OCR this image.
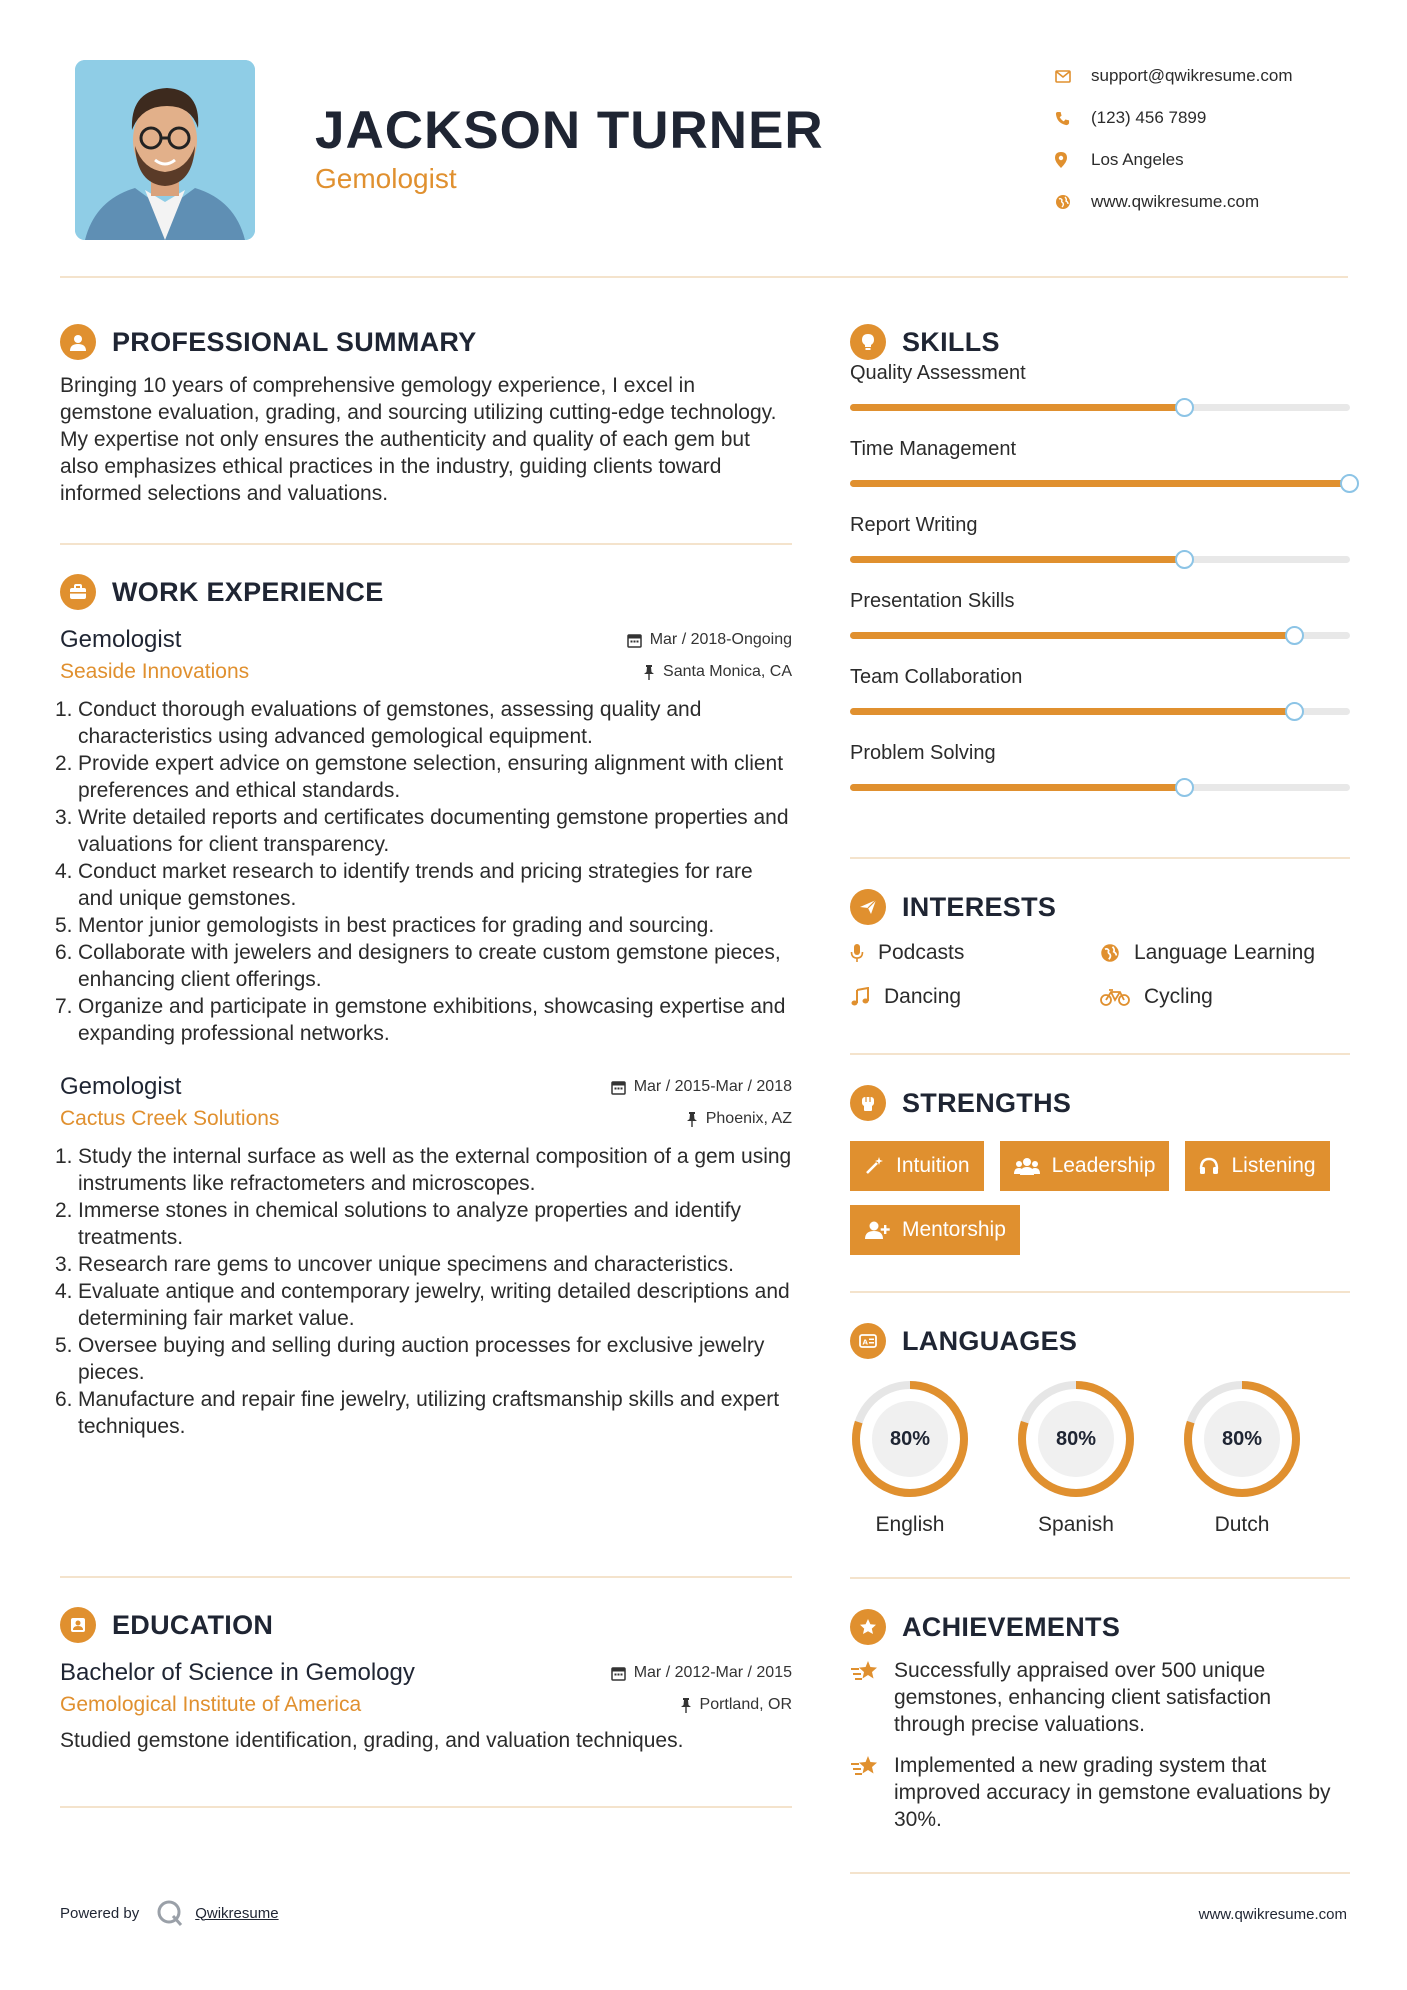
JACKSON TURNER
Gemologist
support@qwikresume.com
(123) 456 7899
Los Angeles
www.qwikresume.com
PROFESSIONAL SUMMARY

Bringing 10 years of comprehensive gemology experience, I excel in gemstone evaluation, grading, and sourcing utilizing cutting-edge technology. My expertise not only ensures the authenticity and quality of each gem but also emphasizes ethical practices in the industry, guiding clients toward informed selections and valuations.

WORK EXPERIENCE
Gemologist	Mar / 2018-Ongoing
Seaside Innovations	Santa Monica, CA
1. Conduct thorough evaluations of gemstones, assessing quality and characteristics using advanced gemological equipment.
2. Provide expert advice on gemstone selection, ensuring alignment with client preferences and ethical standards.
3. Write detailed reports and certificates documenting gemstone properties and valuations for client transparency.
4. Conduct market research to identify trends and pricing strategies for rare and unique gemstones.
5. Mentor junior gemologists in best practices for grading and sourcing.
6. Collaborate with jewelers and designers to create custom gemstone pieces, enhancing client offerings.
7. Organize and participate in gemstone exhibitions, showcasing expertise and expanding professional networks.
Gemologist	Mar / 2015-Mar / 2018
Cactus Creek Solutions	Phoenix, AZ
1. Study the internal surface as well as the external composition of a gem using instruments like refractometers and microscopes.
2. Immerse stones in chemical solutions to analyze properties and identify treatments.
3. Research rare gems to uncover unique specimens and characteristics.
4. Evaluate antique and contemporary jewelry, writing detailed descriptions and determining fair market value.
5. Oversee buying and selling during auction processes for exclusive jewelry pieces.
6. Manufacture and repair fine jewelry, utilizing craftsmanship skills and expert techniques.
EDUCATION
Bachelor of Science in Gemology	Mar / 2012-Mar / 2015
Gemological Institute of America	Portland, OR

Studied gemstone identification, grading, and valuation techniques.

SKILLS
Quality Assessment
Time Management
Report Writing
Presentation Skills
Team Collaboration
Problem Solving
INTERESTS
Podcasts	Language Learning
Dancing	Cycling
STRENGTHS
Intuition	Leadership	Listening
Mentorship
A LANGUAGES
80%
English
80%
Spanish
80%
Dutch
ACHIEVEMENTS
Successfully appraised over 500 unique gemstones, enhancing client satisfaction through precise valuations.
Implemented a new grading system that improved accuracy in gemstone evaluations by 30%.
Powered by	Qwikresume	www.qwikresume.com
